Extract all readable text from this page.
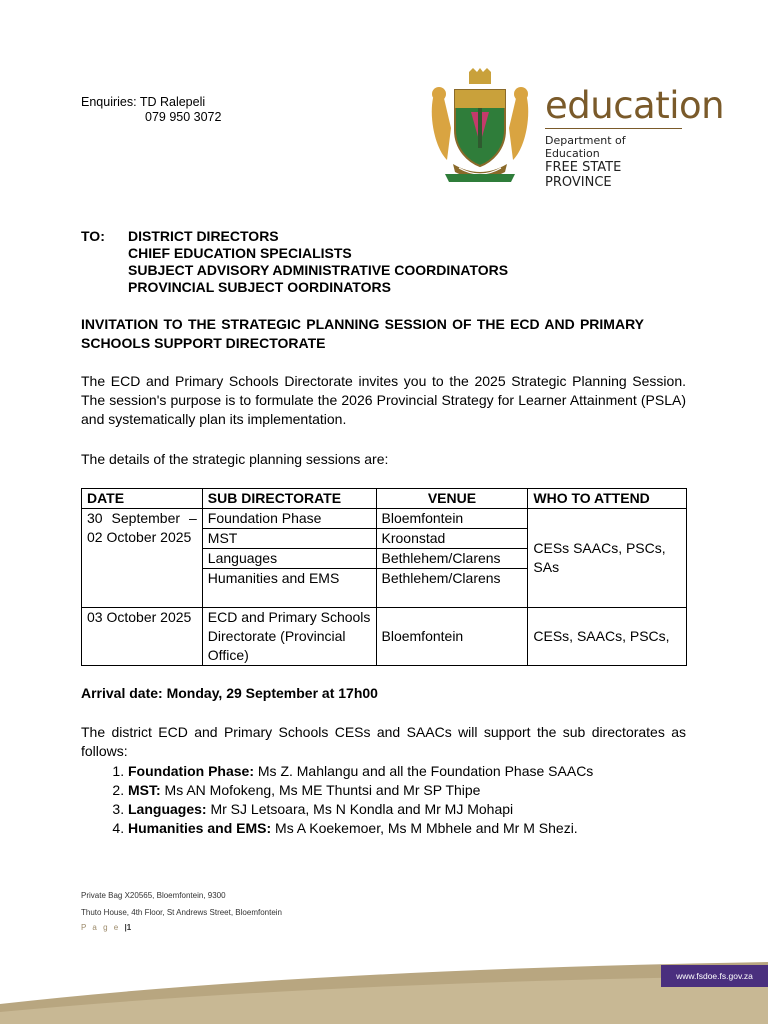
Enquiries: TD Ralepeli
079 950 3072	education
Department of
Education
FREE STATE PROVINCE
TO:	DISTRICT DIRECTORS
CHIEF EDUCATION SPECIALISTS
SUBJECT ADVISORY ADMINISTRATIVE COORDINATORS
PROVINCIAL SUBJECT OORDINATORS
INVITATION TO THE STRATEGIC PLANNING SESSION OF THE ECD AND PRIMARY SCHOOLS SUPPORT DIRECTORATE
The ECD and Primary Schools Directorate invites you to the 2025 Strategic Planning Session. The session's purpose is to formulate the 2026 Provincial Strategy for Learner Attainment (PSLA) and systematically plan its implementation.
The details of the strategic planning sessions are:
DATE	SUB DIRECTORATE	VENUE	WHO TO ATTEND
30 September – 02 October 2025	Foundation Phase	Bloemfontein	CESs SAACs, PSCs, SAs
	MST	Kroonstad	
	Languages	Bethlehem/Clarens	
	Humanities and EMS	Bethlehem/Clarens	
03 October 2025	ECD and Primary Schools Directorate (Provincial Office)	Bloemfontein	CESs, SAACs, PSCs,
Arrival date: Monday, 29 September at 17h00
The district ECD and Primary Schools CESs and SAACs will support the sub directorates as follows:
1. Foundation Phase: Ms Z. Mahlangu and all the Foundation Phase SAACs
2. MST: Ms AN Mofokeng, Ms ME Thuntsi and Mr SP Thipe
3. Languages: Mr SJ Letsoara, Ms N Kondla and Mr MJ Mohapi
4. Humanities and EMS: Ms A Koekemoer, Ms M Mbhele and Mr M Shezi.
Private Bag X20565, Bloemfontein, 9300
Thuto House, 4th Floor, St Andrews Street, Bloemfontein
P a g e |1
www.fsdoe.fs.gov.za
